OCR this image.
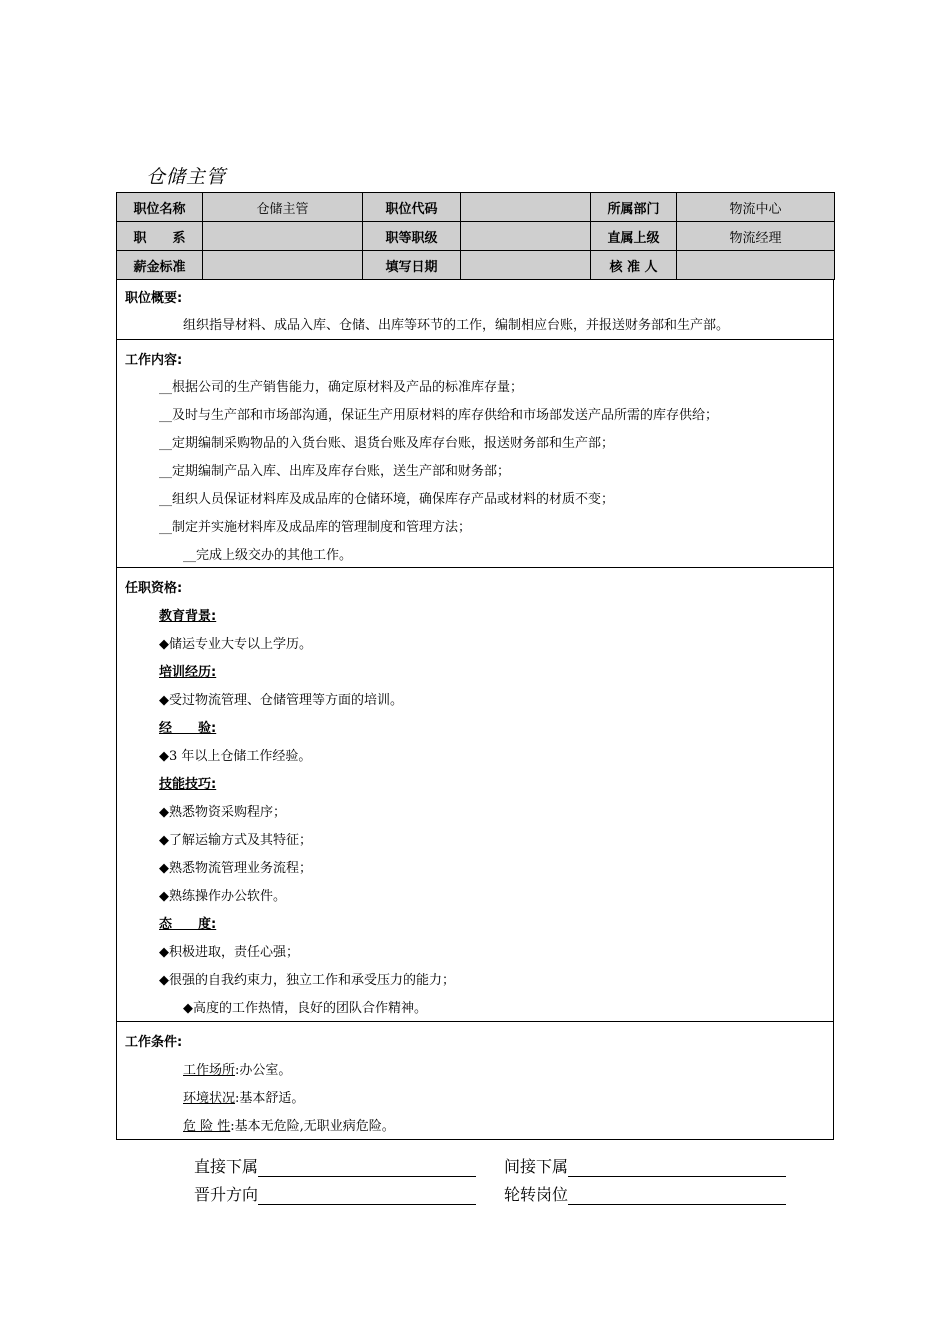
仓储主管
职位名称	仓储主管	职位代码		所属部门	物流中心
职　　系		职等职级		直属上级	物流经理
薪金标准		填写日期		核 准 人	
职位概要:
组织指导材料、成品入库、仓储、出库等环节的工作，编制相应台账，并报送财务部和生产部。
工作内容:
__根据公司的生产销售能力，确定原材料及产品的标准库存量；
__及时与生产部和市场部沟通，保证生产用原材料的库存供给和市场部发送产品所需的库存供给；
__定期编制采购物品的入货台账、退货台账及库存台账，报送财务部和生产部；
__定期编制产品入库、出库及库存台账，送生产部和财务部；
__组织人员保证材料库及成品库的仓储环境，确保库存产品或材料的材质不变；
__制定并实施材料库及成品库的管理制度和管理方法；
__完成上级交办的其他工作。
任职资格:
教育背景:
◆储运专业大专以上学历。
培训经历:
◆受过物流管理、仓储管理等方面的培训。
经　　验:
◆3 年以上仓储工作经验。
技能技巧:
◆熟悉物资采购程序；
◆了解运输方式及其特征；
◆熟悉物流管理业务流程；
◆熟练操作办公软件。
态　　度:
◆积极进取，责任心强；
◆很强的自我约束力，独立工作和承受压力的能力；
◆高度的工作热情，良好的团队合作精神。
工作条件:
工作场所:办公室。
环境状况:基本舒适。
危 险 性:基本无危险,无职业病危险。
直接下属	间接下属
晋升方向	轮转岗位
